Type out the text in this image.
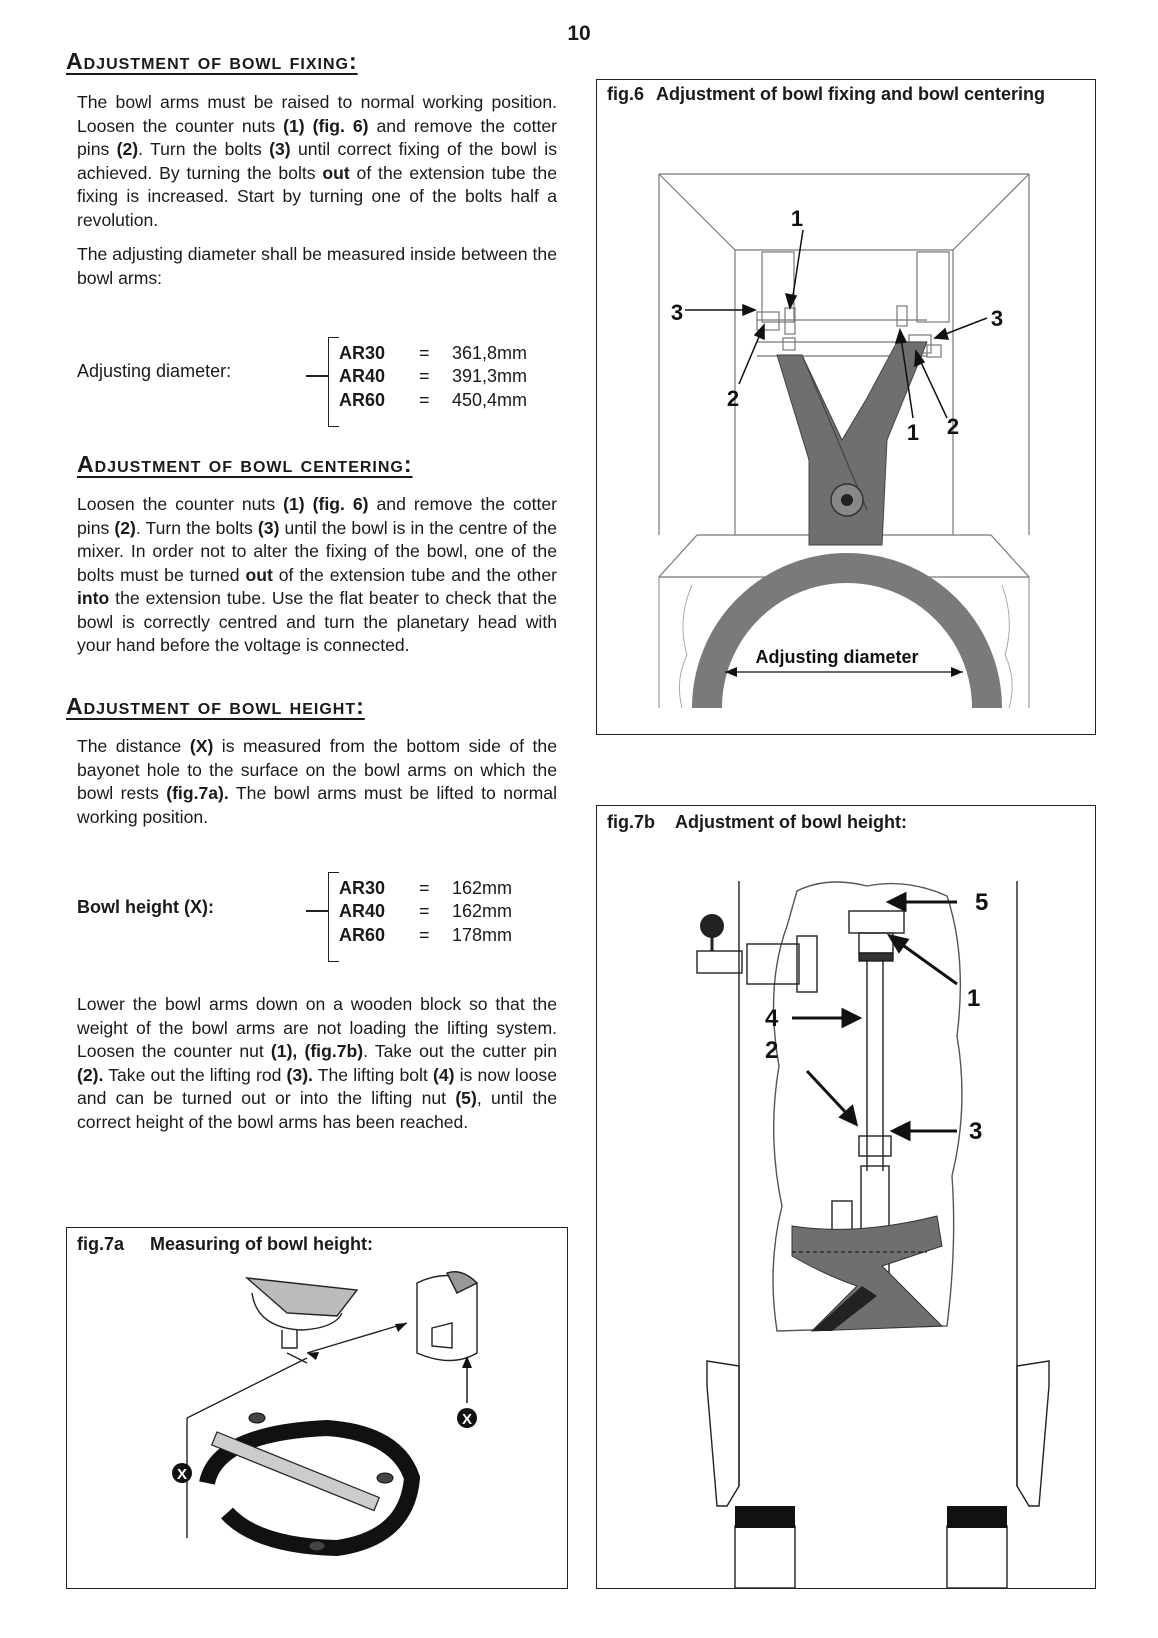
10
Adjustment of bowl fixing:

The bowl arms must be raised to normal working position. Loosen the counter nuts (1) (fig. 6) and remove the cotter pins (2). Turn the bolts (3) until correct fixing of the bowl is achieved. By turning the bolts out of the extension tube the fixing is increased. Start by turning one of the bolts half a revolution.

The adjusting diameter shall be measured inside between the bowl arms:

Adjusting diameter:
AR30 = 361,8mm
AR40 = 391,3mm
AR60 = 450,4mm
Adjustment of bowl centering:

Loosen the counter nuts (1) (fig. 6) and remove the cotter pins (2). Turn the bolts (3) until the bowl is in the centre of the mixer. In order not to alter the fixing of the bowl, one of the bolts must be turned out of the extension tube and the other into the extension tube. Use the flat beater to check that the bowl is correctly centred and turn the planetary head with your hand before the voltage is connected.

Adjustment of bowl height:

The distance (X) is measured from the bottom side of the bayonet hole to the surface on the bowl arms on which the bowl rests (fig.7a). The bowl arms must be lifted to normal working position.

Bowl height (X):
AR30 = 162mm
AR40 = 162mm
AR60 = 178mm

Lower the bowl arms down on a wooden block so that the weight of the bowl arms are not loading the lifting system. Loosen the counter nut (1), (fig.7b). Take out the cutter pin (2). Take out the lifting rod (3). The lifting bolt (4) is now loose and can be turned out or into the lifting nut (5), until the correct height of the bowl arms has been reached.

fig.6 Adjustment of bowl fixing and bowl centering
Adjusting diameter
1
3	3
2
1 2
fig.7a Measuring of bowl height:
X
X
fig.7b Adjustment of bowl height:
5
1
4
2
3
